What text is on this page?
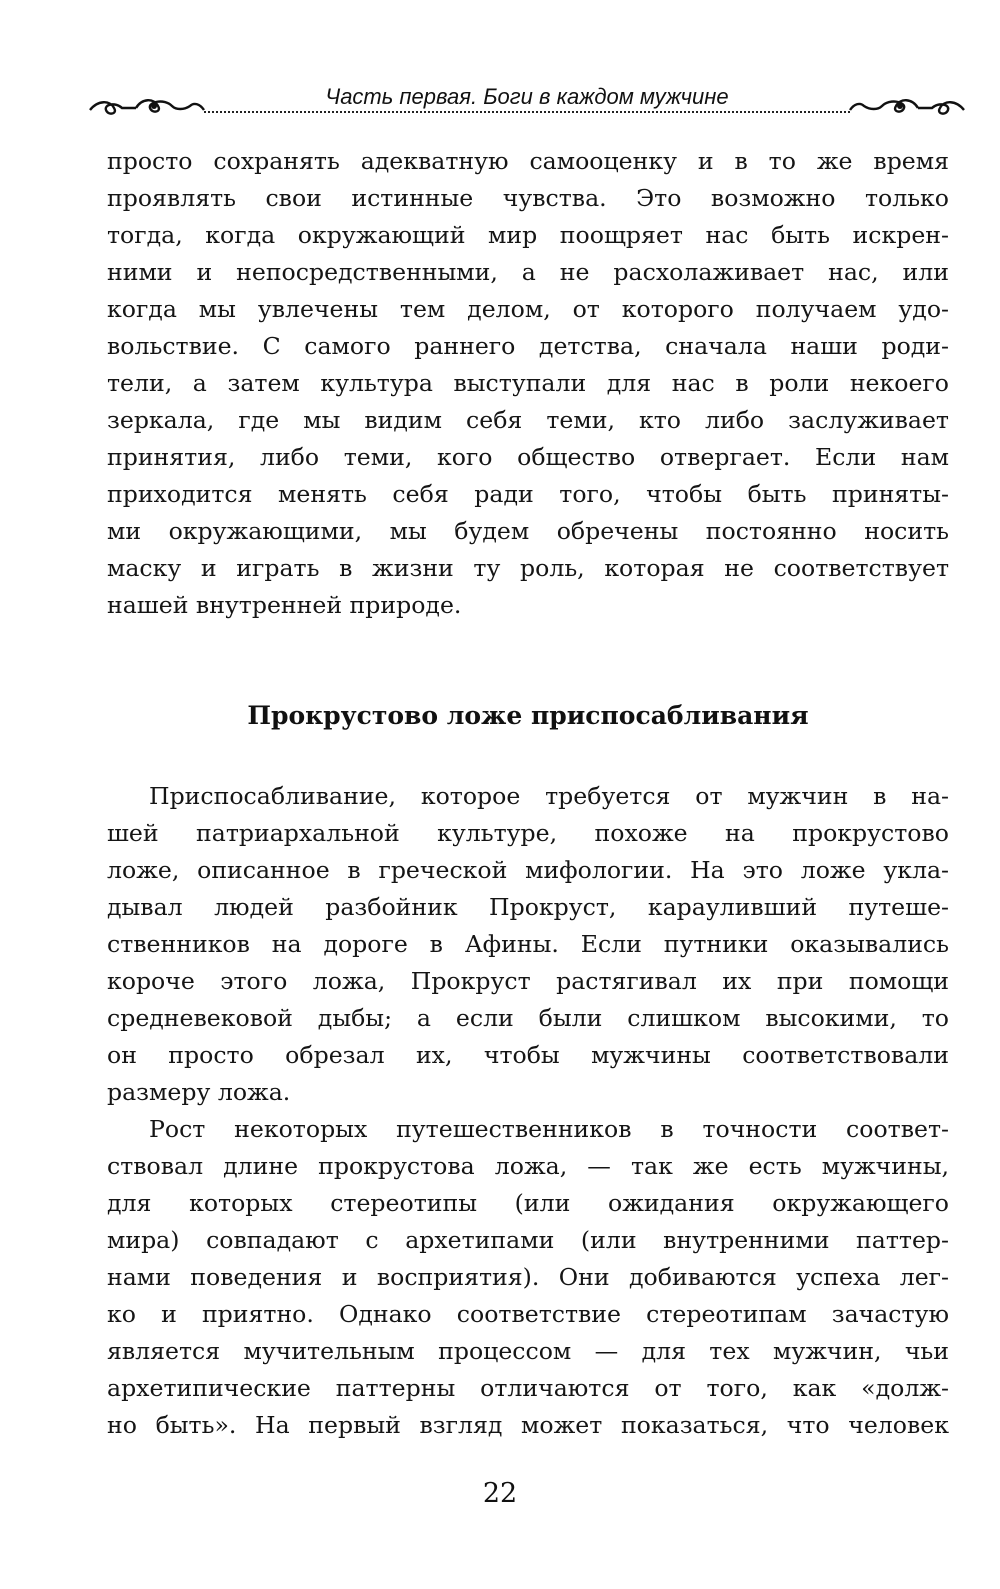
Часть первая. Боги в каждом мужчине
просто сохранять адекватную самооценку и в то же время
проявлять свои истинные чувства. Это возможно только
тогда, когда окружающий мир поощряет нас быть искрен-
ними и непосредственными, а не расхолаживает нас, или
когда мы увлечены тем делом, от которого получаем удо-
вольствие. С самого раннего детства, сначала наши роди-
тели, а затем культура выступали для нас в роли некоего
зеркала, где мы видим себя теми, кто либо заслуживает
принятия, либо теми, кого общество отвергает. Если нам
приходится менять себя ради того, чтобы быть приняты-
ми окружающими, мы будем обречены постоянно носить
маску и играть в жизни ту роль, которая не соответствует
нашей внутренней природе.
Прокрустово ложе приспосабливания
Приспосабливание, которое требуется от мужчин в на-
шей патриархальной культуре, похоже на прокрустово
ложе, описанное в греческой мифологии. На это ложе укла-
дывал людей разбойник Прокруст, карауливший путеше-
ственников на дороге в Афины. Если путники оказывались
короче этого ложа, Прокруст растягивал их при помощи
средневековой дыбы; а если были слишком высокими, то
он просто обрезал их, чтобы мужчины соответствовали
размеру ложа.
Рост некоторых путешественников в точности соответ-
ствовал длине прокрустова ложа, — так же есть мужчины,
для которых стереотипы (или ожидания окружающего
мира) совпадают с архетипами (или внутренними паттер-
нами поведения и восприятия). Они добиваются успеха лег-
ко и приятно. Однако соответствие стереотипам зачастую
является мучительным процессом — для тех мужчин, чьи
архетипические паттерны отличаются от того, как «долж-
но быть». На первый взгляд может показаться, что человек
22
